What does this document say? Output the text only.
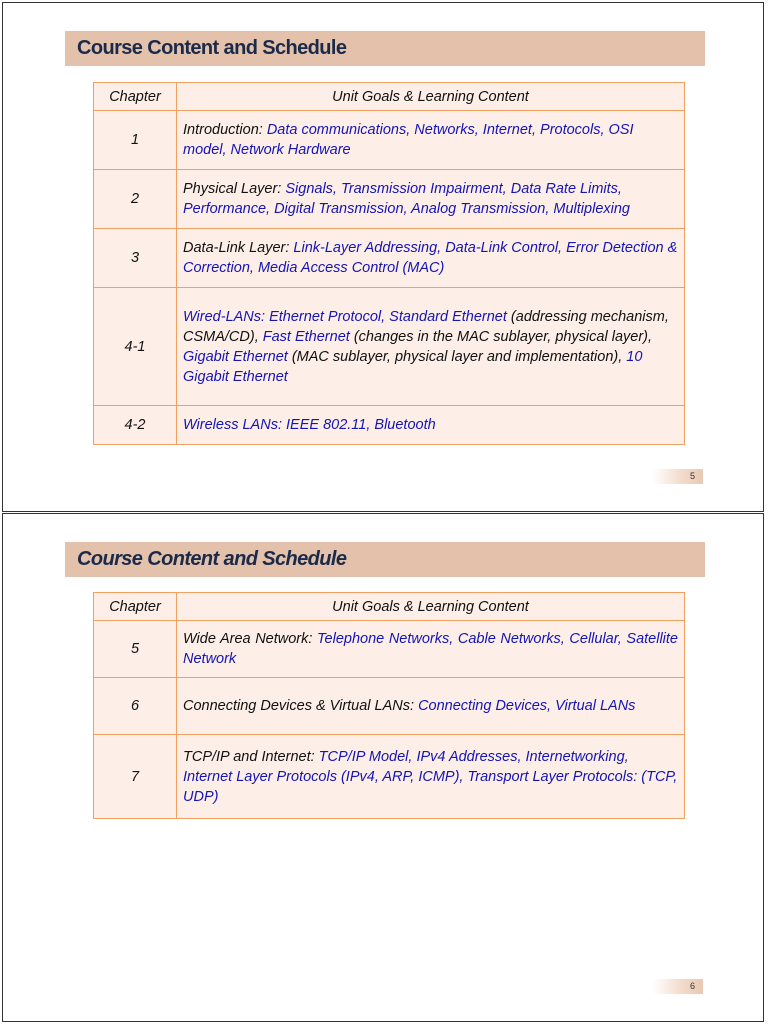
Course Content and Schedule
Chapter	Unit Goals & Learning Content
1	Introduction: Data communications, Networks, Internet, Protocols, OSI model, Network Hardware
2	Physical Layer: Signals, Transmission Impairment, Data Rate Limits, Performance, Digital Transmission, Analog Transmission, Multiplexing
3	Data-Link Layer: Link-Layer Addressing, Data-Link Control, Error Detection & Correction, Media Access Control (MAC)
4-1	Wired-LANs: Ethernet Protocol, Standard Ethernet (addressing mechanism, CSMA/CD), Fast Ethernet (changes in the MAC sublayer, physical layer), Gigabit Ethernet (MAC sublayer, physical layer and implementation), 10 Gigabit Ethernet
4-2	Wireless LANs: IEEE 802.11, Bluetooth
5
Course Content and Schedule
Chapter	Unit Goals & Learning Content
5	Wide Area Network: Telephone Networks, Cable Networks, Cellular, Satellite Network
6	Connecting Devices & Virtual LANs: Connecting Devices, Virtual LANs
7	TCP/IP and Internet: TCP/IP Model, IPv4 Addresses, Internetworking, Internet Layer Protocols (IPv4, ARP, ICMP), Transport Layer Protocols: (TCP, UDP)
6
